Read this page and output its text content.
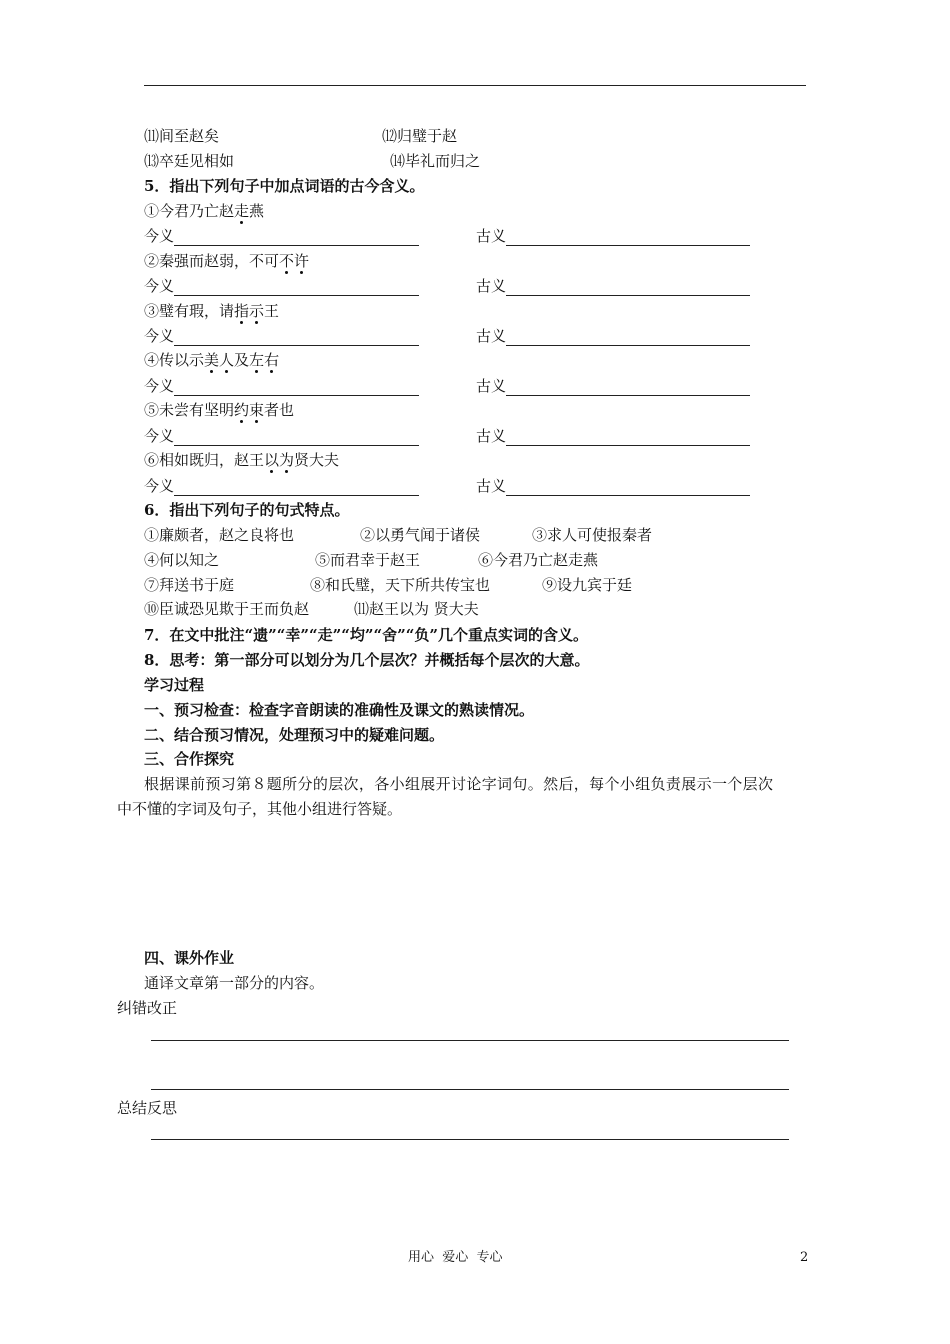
⑾间至赵矣	⑿归璧于赵
⒀卒廷见相如	⒁毕礼而归之
5．指出下列句子中加点词语的古今含义。
①今君乃亡赵走燕
今义	古义
②秦强而赵弱，不可不许
今义	古义
③璧有瑕，请指示王
今义	古义
④传以示美人及左右
今义	古义
⑤未尝有坚明约束者也
今义	古义
⑥相如既归，赵王以为贤大夫
今义	古义
6．指出下列句子的句式特点。
①廉颇者，赵之良将也	②以勇气闻于诸侯	③求人可使报秦者
④何以知之	⑤而君幸于赵王	⑥今君乃亡赵走燕
⑦拜送书于庭	⑧和氏璧，天下所共传宝也	⑨设九宾于廷
⑩臣诚恐见欺于王而负赵	⑾赵王以为 贤大夫
7．在文中批注“遗”“幸”“走”“均”“舍”“负”几个重点实词的含义。
8．思考：第一部分可以划分为几个层次？并概括每个层次的大意。
学习过程
一、预习检查：检查字音朗读的准确性及课文的熟读情况。
二、结合预习情况，处理预习中的疑难问题。
三、合作探究
根据课前预习第８题所分的层次，各小组展开讨论字词句。然后，每个小组负责展示一个层次
中不懂的字词及句子，其他小组进行答疑。
四、课外作业
通译文章第一部分的内容。
纠错改正
总结反思
用心  爱心  专心	2
